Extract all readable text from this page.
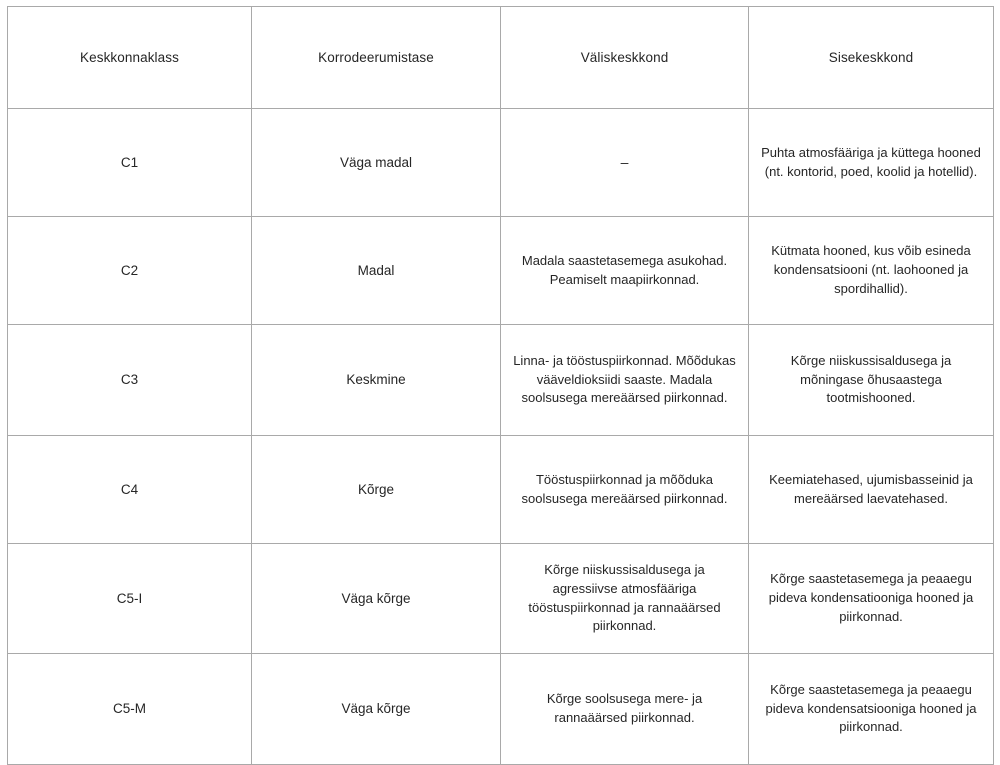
Keskkonnaklass	Korrodeerumistase	Väliskeskkond	Sisekeskkond
C1	Väga madal	–	Puhta atmosfääriga ja küttega hooned (nt. kontorid, poed, koolid ja hotellid).
C2	Madal	Madala saastetasemega asukohad. Peamiselt maapiirkonnad.	Kütmata hooned, kus võib esineda kondensatsiooni (nt. laohooned ja spordihallid).
C3	Keskmine	Linna- ja tööstuspiirkonnad. Mõõdukas vääveldioksiidi saaste. Madala soolsusega mereäärsed piirkonnad.	Kõrge niiskussisaldusega ja mõningase õhusaastega tootmishooned.
C4	Kõrge	Tööstuspiirkonnad ja mõõduka soolsusega mereäärsed piirkonnad.	Keemiatehased, ujumisbasseinid ja mereäärsed laevatehased.
C5-I	Väga kõrge	Kõrge niiskussisaldusega ja agressiivse atmosfääriga tööstuspiirkonnad ja rannaäärsed piirkonnad.	Kõrge saastetasemega ja peaaegu pideva kondensatiooniga hooned ja piirkonnad.
C5-M	Väga kõrge	Kõrge soolsusega mere- ja rannaäärsed piirkonnad.	Kõrge saastetasemega ja peaaegu pideva kondensatsiooniga hooned ja piirkonnad.
